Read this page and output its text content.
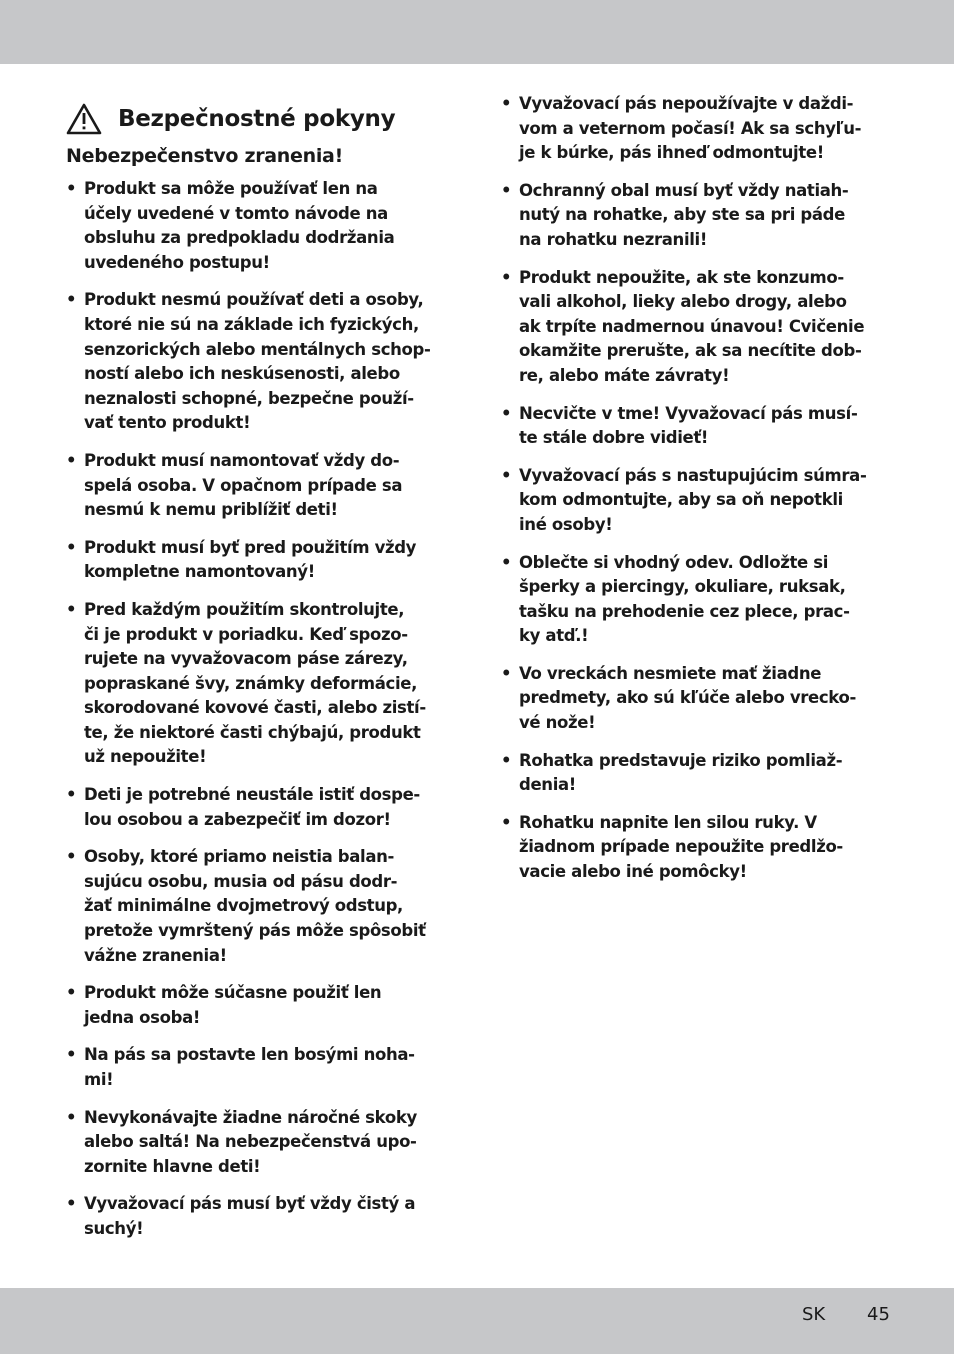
Bezpečnostné pokyny
Nebezpečenstvo zranenia!
• Produkt sa môže používať len na
účely uvedené v tomto návode na
obsluhu za predpokladu dodržania
uvedeného postupu!
• Produkt nesmú používať deti a osoby,
ktoré nie sú na základe ich fyzických,
senzorických alebo mentálnych schop-
ností alebo ich neskúsenosti, alebo
neznalosti schopné, bezpečne použí-
vať tento produkt!
• Produkt musí namontovať vždy do-
spelá osoba. V opačnom prípade sa
nesmú k nemu priblížiť deti!
• Produkt musí byť pred použitím vždy
kompletne namontovaný!
• Pred každým použitím skontrolujte,
či je produkt v poriadku. Keď spozo-
rujete na vyvažovacom páse zárezy,
popraskané švy, známky deformácie,
skorodované kovové časti, alebo zistí-
te, že niektoré časti chýbajú, produkt
už nepoužite!
• Deti je potrebné neustále istiť dospe-
lou osobou a zabezpečiť im dozor!
• Osoby, ktoré priamo neistia balan-
sujúcu osobu, musia od pásu dodr-
žať minimálne dvojmetrový odstup,
pretože vymrštený pás môže spôsobiť
vážne zranenia!
• Produkt môže súčasne použiť len
jedna osoba!
• Na pás sa postavte len bosými noha-
mi!
• Nevykonávajte žiadne náročné skoky
alebo saltá! Na nebezpečenstvá upo-
zornite hlavne deti!
• Vyvažovací pás musí byť vždy čistý a
suchý!
• Vyvažovací pás nepoužívajte v daždi-
vom a veternom počasí! Ak sa schyľu-
je k búrke, pás ihneď odmontujte!
• Ochranný obal musí byť vždy natiah-
nutý na rohatke, aby ste sa pri páde
na rohatku nezranili!
• Produkt nepoužite, ak ste konzumo-
vali alkohol, lieky alebo drogy, alebo
ak trpíte nadmernou únavou! Cvičenie
okamžite prerušte, ak sa necítite dob-
re, alebo máte závraty!
• Necvičte v tme! Vyvažovací pás musí-
te stále dobre vidieť!
• Vyvažovací pás s nastupujúcim súmra-
kom odmontujte, aby sa oň nepotkli
iné osoby!
• Oblečte si vhodný odev. Odložte si
šperky a piercingy, okuliare, ruksak,
tašku na prehodenie cez plece, prac-
ky atď.!
• Vo vreckách nesmiete mať žiadne
predmety, ako sú kľúče alebo vrecko-
vé nože!
• Rohatka predstavuje riziko pomliaž-
denia!
• Rohatku napnite len silou ruky. V
žiadnom prípade nepoužite predlžo-
vacie alebo iné pomôcky!
SK 45
